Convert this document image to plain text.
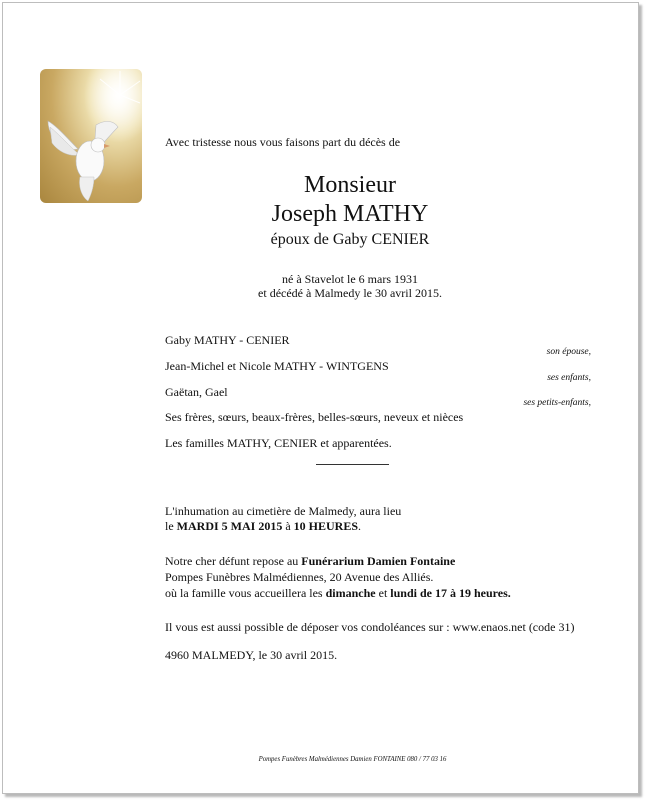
Avec tristesse nous vous faisons part du décès de

Monsieur

Joseph MATHY

époux de Gaby CENIER

né à Stavelot le 6 mars 1931

et décédé à Malmedy le 30 avril 2015.

Gaby MATHY - CENIER

son épouse,

Jean-Michel et Nicole MATHY - WINTGENS

ses enfants,

Gaëtan, Gael

ses petits-enfants,

Ses frères, sœurs, beaux-frères, belles-sœurs, neveux et nièces

Les familles MATHY, CENIER et apparentées.

L'inhumation au cimetière de Malmedy, aura lieu

le MARDI 5 MAI 2015 à 10 HEURES.

Notre cher défunt repose au Funérarium Damien Fontaine

Pompes Funèbres Malmédiennes, 20 Avenue des Alliés.

où la famille vous accueillera les dimanche et lundi de 17 à 19 heures.

Il vous est aussi possible de déposer vos condoléances sur : www.enaos.net (code 31)

4960 MALMEDY, le 30 avril 2015.

Pompes Funèbres Malmédiennes Damien FONTAINE 080 / 77 03 16
